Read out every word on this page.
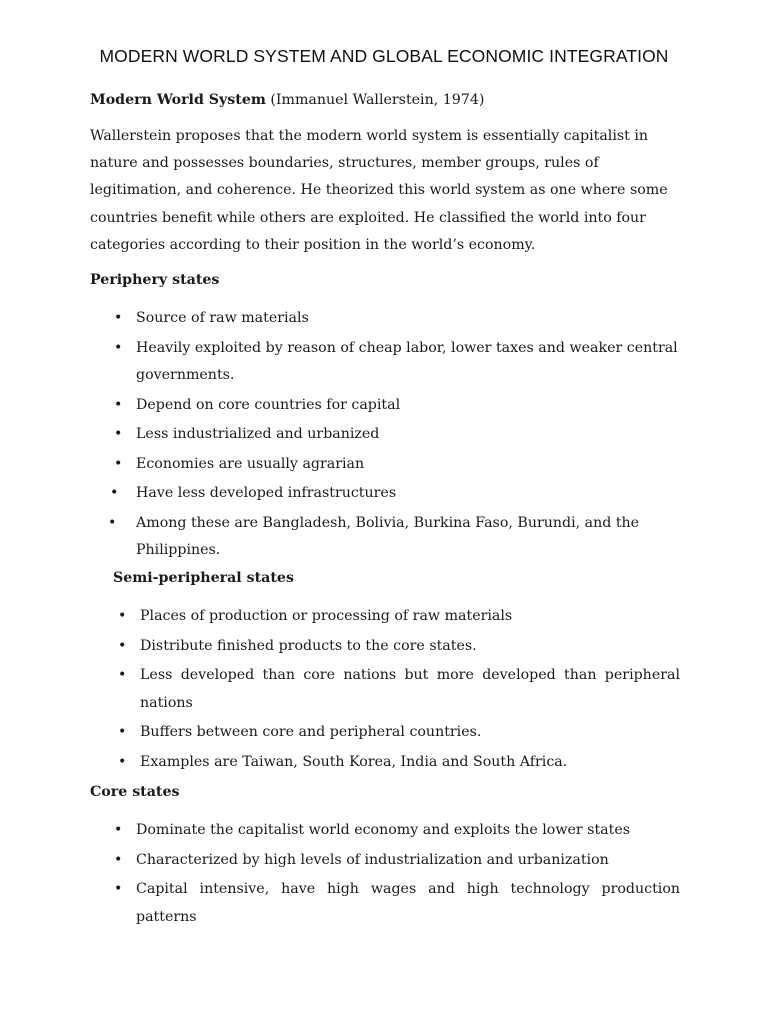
MODERN WORLD SYSTEM AND GLOBAL ECONOMIC INTEGRATION
Modern World System (Immanuel Wallerstein, 1974)
Wallerstein proposes that the modern world system is essentially capitalist in nature and possesses boundaries, structures, member groups, rules of legitimation, and coherence. He theorized this world system as one where some countries benefit while others are exploited. He classified the world into four categories according to their position in the world’s economy.
Periphery states
• Source of raw materials
• Heavily exploited by reason of cheap labor, lower taxes and weaker central governments.
• Depend on core countries for capital
• Less industrialized and urbanized
• Economies are usually agrarian
• Have less developed infrastructures
• Among these are Bangladesh, Bolivia, Burkina Faso, Burundi, and the Philippines.
Semi-peripheral states
• Places of production or processing of raw materials
• Distribute finished products to the core states.
• Less developed than core nations but more developed than peripheral nations
• Buffers between core and peripheral countries.
• Examples are Taiwan, South Korea, India and South Africa.
Core states
• Dominate the capitalist world economy and exploits the lower states
• Characterized by high levels of industrialization and urbanization
• Capital intensive, have high wages and high technology production patterns
